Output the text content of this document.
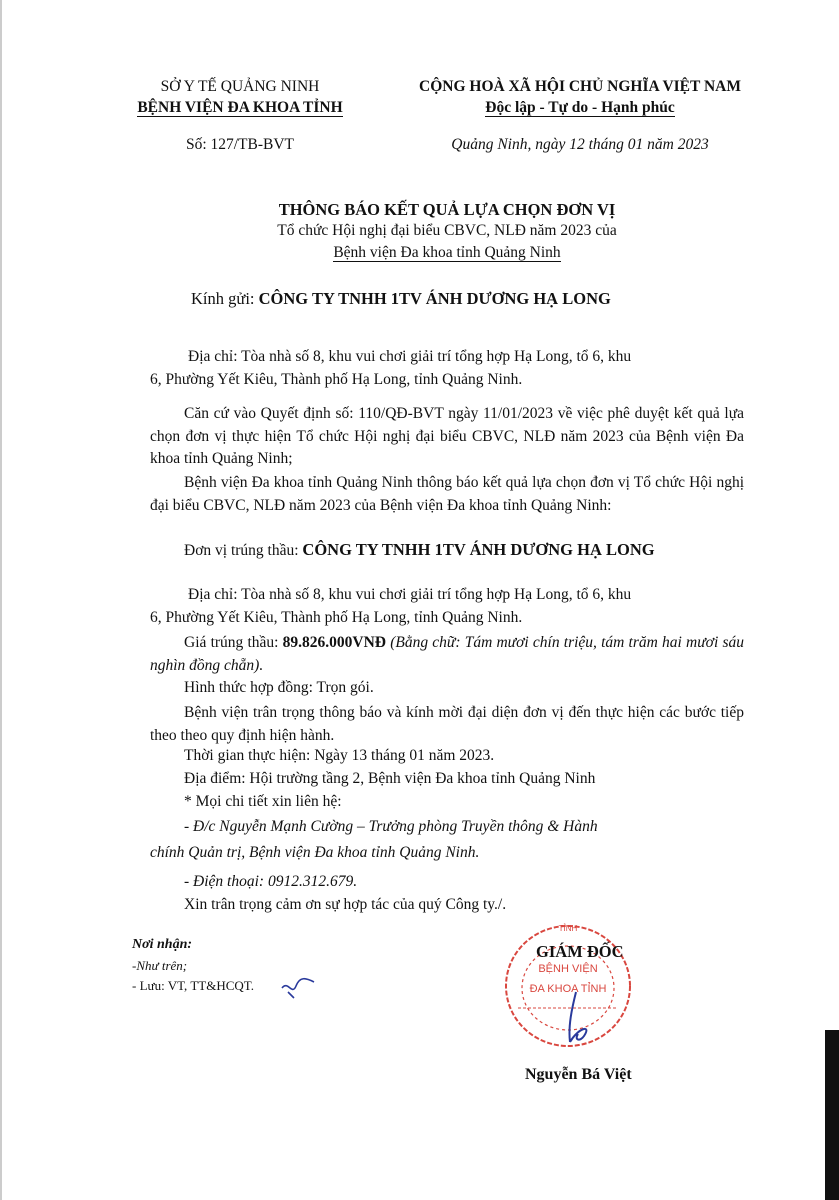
SỞ Y TẾ QUẢNG NINH
BỆNH VIỆN ĐA KHOA TỈNH
Số: 127/TB-BVT
CỘNG HOÀ XÃ HỘI CHỦ NGHĨA VIỆT NAM
Độc lập - Tự do - Hạnh phúc
Quảng Ninh, ngày 12 tháng 01 năm 2023
THÔNG BÁO KẾT QUẢ LỰA CHỌN ĐƠN VỊ
Tổ chức Hội nghị đại biểu CBVC, NLĐ năm 2023 của
Bệnh viện Đa khoa tỉnh Quảng Ninh
Kính gửi: CÔNG TY TNHH 1TV ÁNH DƯƠNG HẠ LONG
Địa chỉ: Tòa nhà số 8, khu vui chơi giải trí tổng hợp Hạ Long, tổ 6, khu
6, Phường Yết Kiêu, Thành phố Hạ Long, tỉnh Quảng Ninh.
Căn cứ vào Quyết định số: 110/QĐ-BVT ngày 11/01/2023 về việc phê duyệt kết quả lựa chọn đơn vị thực hiện Tổ chức Hội nghị đại biểu CBVC, NLĐ năm 2023 của Bệnh viện Đa khoa tỉnh Quảng Ninh;
Bệnh viện Đa khoa tỉnh Quảng Ninh thông báo kết quả lựa chọn đơn vị Tổ chức Hội nghị đại biểu CBVC, NLĐ năm 2023 của Bệnh viện Đa khoa tỉnh Quảng Ninh:
Đơn vị trúng thầu: CÔNG TY TNHH 1TV ÁNH DƯƠNG HẠ LONG
Địa chỉ: Tòa nhà số 8, khu vui chơi giải trí tổng hợp Hạ Long, tổ 6, khu
6, Phường Yết Kiêu, Thành phố Hạ Long, tỉnh Quảng Ninh.
Giá trúng thầu: 89.826.000VNĐ (Bằng chữ: Tám mươi chín triệu, tám trăm hai mươi sáu nghìn đồng chẵn).
Hình thức hợp đồng: Trọn gói.
Bệnh viện trân trọng thông báo và kính mời đại diện đơn vị đến thực hiện các bước tiếp theo theo quy định hiện hành.
Thời gian thực hiện: Ngày 13 tháng 01 năm 2023.
Địa điểm: Hội trường tầng 2, Bệnh viện Đa khoa tỉnh Quảng Ninh
* Mọi chi tiết xin liên hệ:
- Đ/c Nguyễn Mạnh Cường – Trưởng phòng Truyền thông & Hành
chính Quản trị, Bệnh viện Đa khoa tỉnh Quảng Ninh.
- Điện thoại: 0912.312.679.
Xin trân trọng cảm ơn sự hợp tác của quý Công ty./.
Nơi nhận:
-Như trên;
- Lưu: VT, TT&HCQT.
TỈNH
BỆNH VIỆN
ĐA KHOA TỈNH
GIÁM ĐỐC
Nguyễn Bá Việt
